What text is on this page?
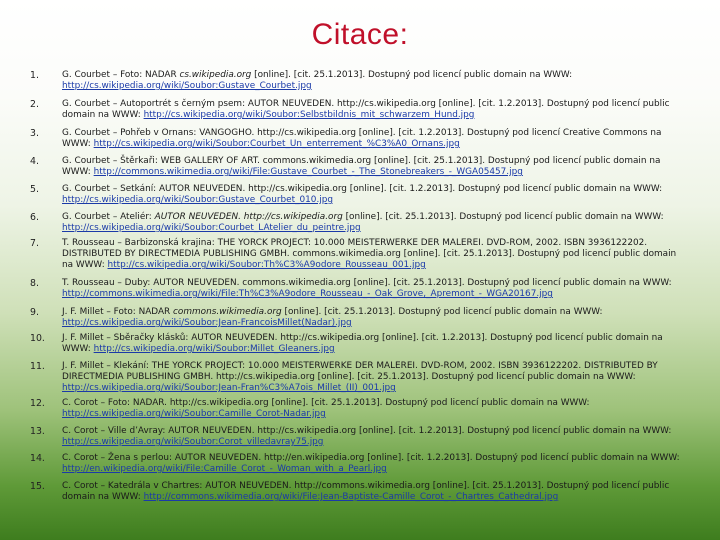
Citace:
1.	G. Courbet – Foto: NADAR cs.wikipedia.org [online]. [cit. 25.1.2013]. Dostupný pod licencí public domain na WWW: http://cs.wikipedia.org/wiki/Soubor:Gustave_Courbet.jpg
2.	G. Courbet – Autoportrét s černým psem: AUTOR NEUVEDEN. http://cs.wikipedia.org [online]. [cit. 1.2.2013]. Dostupný pod licencí public domain na WWW: http://cs.wikipedia.org/wiki/Soubor:Selbstbildnis_mit_schwarzem_Hund.jpg
3.	G. Courbet – Pohřeb v Ornans: VANGOGHO. http://cs.wikipedia.org [online]. [cit. 1.2.2013]. Dostupný pod licencí Creative Commons na WWW: http://cs.wikipedia.org/wiki/Soubor:Courbet_Un_enterrement_%C3%A0_Ornans.jpg
4.	G. Courbet – Štěrkaři: WEB GALLERY OF ART. commons.wikimedia.org [online]. [cit. 25.1.2013]. Dostupný pod licencí public domain na WWW: http://commons.wikimedia.org/wiki/File:Gustave_Courbet_-_The_Stonebreakers_-_WGA05457.jpg
5.	G. Courbet – Setkání: AUTOR NEUVEDEN. http://cs.wikipedia.org [online]. [cit. 1.2.2013]. Dostupný pod licencí public domain na WWW: http://cs.wikipedia.org/wiki/Soubor:Gustave_Courbet_010.jpg
6.	G. Courbet – Ateliér: AUTOR NEUVEDEN. http://cs.wikipedia.org [online]. [cit. 25.1.2013]. Dostupný pod licencí public domain na WWW: http://cs.wikipedia.org/wiki/Soubor:Courbet_LAtelier_du_peintre.jpg
7.	T. Rousseau – Barbizonská krajina: THE YORCK PROJECT: 10.000 MEISTERWERKE DER MALEREI. DVD-ROM, 2002. ISBN 3936122202. DISTRIBUTED BY DIRECTMEDIA PUBLISHING GMBH. commons.wikimedia.org [online]. [cit. 25.1.2013]. Dostupný pod licencí public domain na WWW: http://cs.wikipedia.org/wiki/Soubor:Th%C3%A9odore_Rousseau_001.jpg
8.	T. Rousseau – Duby: AUTOR NEUVEDEN. commons.wikimedia.org [online]. [cit. 25.1.2013]. Dostupný pod licencí public domain na WWW: http://commons.wikimedia.org/wiki/File:Th%C3%A9odore_Rousseau_-_Oak_Grove,_Apremont_-_WGA20167.jpg
9.	J. F. Millet – Foto: NADAR commons.wikimedia.org [online]. [cit. 25.1.2013]. Dostupný pod licencí public domain na WWW: http://cs.wikipedia.org/wiki/Soubor:Jean-FrancoisMillet(Nadar).jpg
10.	J. F. Millet – Sběračky klásků: AUTOR NEUVEDEN. http://cs.wikipedia.org [online]. [cit. 1.2.2013]. Dostupný pod licencí public domain na WWW: http://cs.wikipedia.org/wiki/Soubor:Millet_Gleaners.jpg
11.	J. F. Millet – Klekání: THE YORCK PROJECT: 10.000 MEISTERWERKE DER MALEREI. DVD-ROM, 2002. ISBN 3936122202. DISTRIBUTED BY DIRECTMEDIA PUBLISHING GMBH. http://cs.wikipedia.org [online]. [cit. 25.1.2013]. Dostupný pod licencí public domain na WWW: http://cs.wikipedia.org/wiki/Soubor:Jean-Fran%C3%A7ois_Millet_(II)_001.jpg
12.	C. Corot – Foto: NADAR. http://cs.wikipedia.org [online]. [cit. 25.1.2013]. Dostupný pod licencí public domain na WWW: http://cs.wikipedia.org/wiki/Soubor:Camille_Corot-Nadar.jpg
13.	C. Corot – Ville d’Avray: AUTOR NEUVEDEN. http://cs.wikipedia.org [online]. [cit. 1.2.2013]. Dostupný pod licencí public domain na WWW: http://cs.wikipedia.org/wiki/Soubor:Corot_villedavray75.jpg
14.	C. Corot – Žena s perlou: AUTOR NEUVEDEN. http://en.wikipedia.org [online]. [cit. 1.2.2013]. Dostupný pod licencí public domain na WWW: http://en.wikipedia.org/wiki/File:Camille_Corot_-_Woman_with_a_Pearl.jpg
15.	C. Corot – Katedrála v Chartres: AUTOR NEUVEDEN. http://commons.wikimedia.org [online]. [cit. 25.1.2013]. Dostupný pod licencí public domain na WWW: http://commons.wikimedia.org/wiki/File:Jean-Baptiste-Camille_Corot_-_Chartres_Cathedral.jpg
